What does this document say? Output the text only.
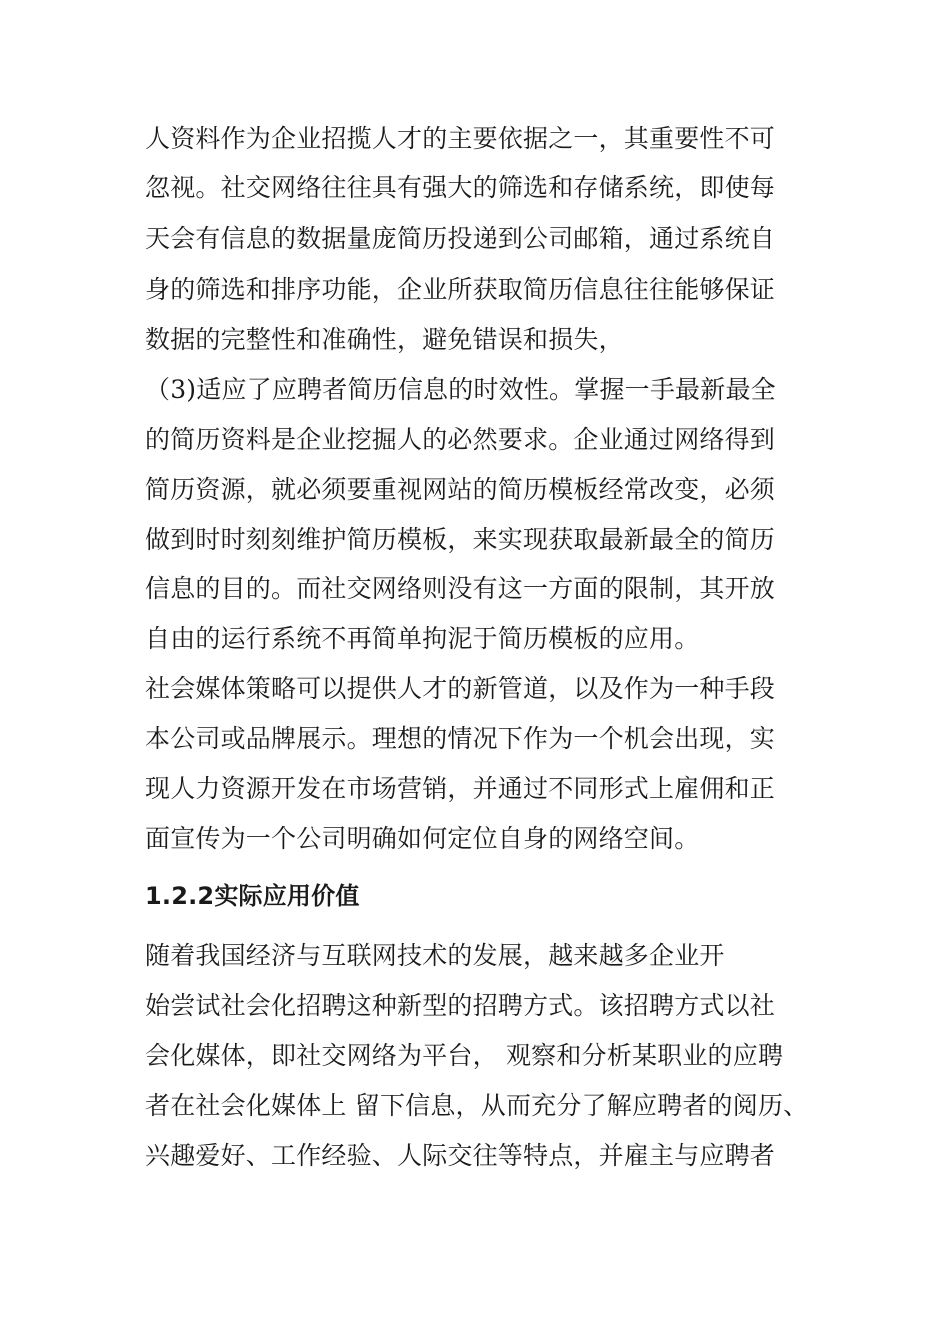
人资料作为企业招揽人才的主要依据之一，其重要性不可
忽视。社交网络往往具有强大的筛选和存储系统，即使每
天会有信息的数据量庞简历投递到公司邮箱，通过系统自
身的筛选和排序功能，企业所获取简历信息往往能够保证
数据的完整性和准确性，避免错误和损失，
（3)适应了应聘者简历信息的时效性。掌握一手最新最全
的简历资料是企业挖掘人的必然要求。企业通过网络得到
简历资源，就必须要重视网站的简历模板经常改变，必须
做到时时刻刻维护简历模板，来实现获取最新最全的简历
信息的目的。而社交网络则没有这一方面的限制，其开放
自由的运行系统不再简单拘泥于简历模板的应用。
社会媒体策略可以提供人才的新管道，以及作为一种手段
本公司或品牌展示。理想的情况下作为一个机会出现，实
现人力资源开发在市场营销，并通过不同形式上雇佣和正
面宣传为一个公司明确如何定位自身的网络空间。
1.2.2实际应用价值
随着我国经济与互联网技术的发展，越来越多企业开
始尝试社会化招聘这种新型的招聘方式。该招聘方式以社
会化媒体，即社交网络为平台， 观察和分析某职业的应聘
者在社会化媒体上 留下信息，从而充分了解应聘者的阅历、
兴趣爱好、工作经验、人际交往等特点，并雇主与应聘者
